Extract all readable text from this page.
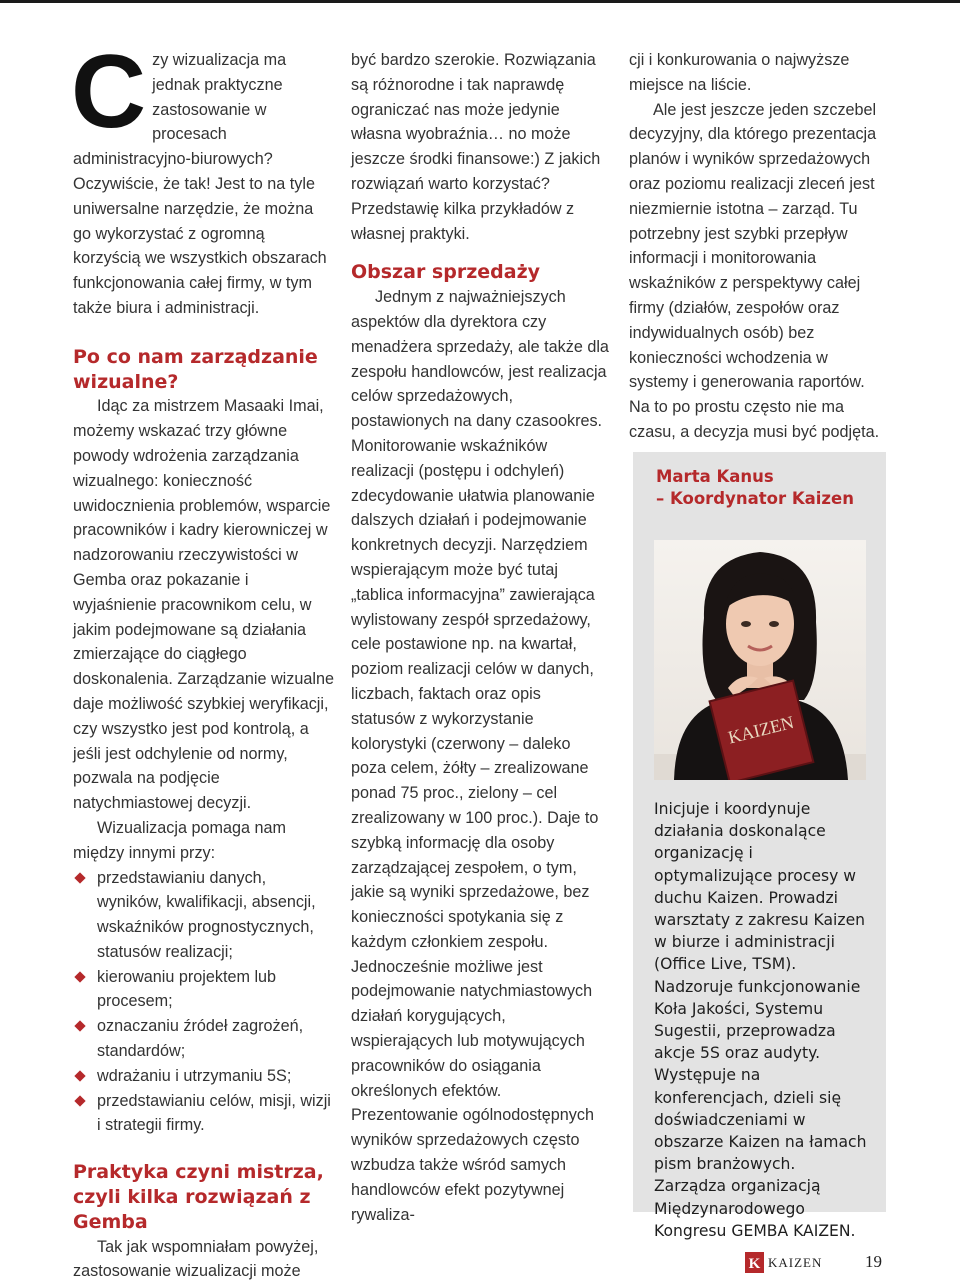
C zy wizualizacja ma jednak praktyczne zastosowanie w procesach administracyjno-biurowych? Oczywiście, że tak! Jest to na tyle uniwersalne narzędzie, że można go wykorzystać z ogromną korzyścią we wszystkich obszarach funkcjonowania całej firmy, w tym także biura i administracji.

Po co nam zarządzanie wizualne?

Idąc za mistrzem Masaaki Imai, możemy wskazać trzy główne powody wdrożenia zarządzania wizualnego: konieczność uwidocznienia problemów, wsparcie pracowników i kadry kierowniczej w nadzorowaniu rzeczywistości w Gemba oraz pokazanie i wyjaśnienie pracownikom celu, w jakim podejmowane są działania zmierzające do ciągłego doskonalenia. Zarządzanie wizualne daje możliwość szybkiej weryfikacji, czy wszystko jest pod kontrolą, a jeśli jest odchylenie od normy, pozwala na podjęcie natychmiastowej decyzji.

Wizualizacja pomaga nam między innymi przy:

przedstawianiu danych, wyników, kwalifikacji, absencji, wskaźników prognostycznych, statusów realizacji;
kierowaniu projektem lub procesem;
oznaczaniu źródeł zagrożeń, standardów;
wdrażaniu i utrzymaniu 5S;
przedstawianiu celów, misji, wizji i strategii firmy.
Praktyka czyni mistrza, czyli kilka rozwiązań z Gemba

Tak jak wspomniałam powyżej, zastosowanie wizualizacji może

być bardzo szerokie. Rozwiązania są różnorodne i tak naprawdę ograniczać nas może jedynie własna wyobraźnia… no może jeszcze środki finansowe:) Z jakich rozwiązań warto korzystać? Przedstawię kilka przykładów z własnej praktyki.

Obszar sprzedaży

Jednym z najważniejszych aspektów dla dyrektora czy menadżera sprzedaży, ale także dla zespołu handlowców, jest realizacja celów sprzedażowych, postawionych na dany czasookres. Monitorowanie wskaźników realizacji (postępu i odchyleń) zdecydowanie ułatwia planowanie dalszych działań i podejmowanie konkretnych decyzji. Narzędziem wspierającym może być tutaj „tablica informacyjna” zawierająca wylistowany zespół sprzedażowy, cele postawione np. na kwartał, poziom realizacji celów w danych, liczbach, faktach oraz opis statusów z wykorzystanie kolorystyki (czerwony – daleko poza celem, żółty – zrealizowane ponad 75 proc., zielony – cel zrealizowany w 100 proc.). Daje to szybką informację dla osoby zarządzającej zespołem, o tym, jakie są wyniki sprzedażowe, bez konieczności spotykania się z każdym członkiem zespołu. Jednocześnie możliwe jest podejmowanie natychmiastowych działań korygujących, wspierających lub motywujących pracowników do osiągania określonych efektów. Prezentowanie ogólnodostępnych wyników sprzedażowych często wzbudza także wśród samych handlowców efekt pozytywnej rywaliza-

cji i konkurowania o najwyższe miejsce na liście.

Ale jest jeszcze jeden szczebel decyzyjny, dla którego prezentacja planów i wyników sprzedażowych oraz poziomu realizacji zleceń jest niezmiernie istotna – zarząd. Tu potrzebny jest szybki przepływ informacji i monitorowania wskaźników z perspektywy całej firmy (działów, zespołów oraz indywidualnych osób) bez konieczności wchodzenia w systemy i generowania raportów. Na to po prostu często nie ma czasu, a decyzja musi być podjęta.

Marta Kanus
– Koordynator Kaizen
KAIZEN
Inicjuje i koordynuje działania doskonalące organizację i optymalizujące procesy w duchu Kaizen. Prowadzi warsztaty z zakresu Kaizen w biurze i administracji (Office Live, TSM). Nadzoruje funkcjonowanie Koła Jakości, Systemu Sugestii, przeprowadza akcje 5S oraz audyty. Występuje na konferencjach, dzieli się doświadczeniami w obszarze Kaizen na łamach pism branżowych. Zarządza organizacją Międzynarodowego Kongresu GEMBA KAIZEN.
K KAIZEN	19
